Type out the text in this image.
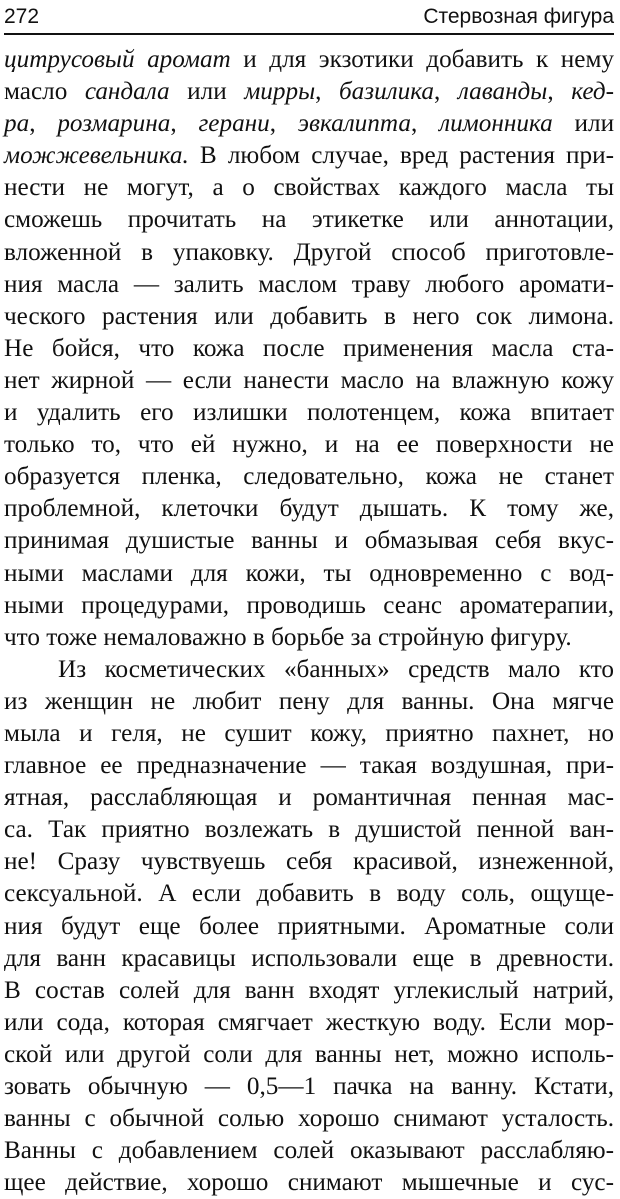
272	Стервозная фигура
цитрусовый аромат и для экзотики добавить к нему
масло сандала или мирры, базилика, лаванды, кед-
ра, розмарина, герани, эвкалипта, лимонника или
можжевельника. В любом случае, вред растения при-
нести не могут, а о свойствах каждого масла ты
сможешь прочитать на этикетке или аннотации,
вложенной в упаковку. Другой способ приготовле-
ния масла — залить маслом траву любого аромати-
ческого растения или добавить в него сок лимона.
Не бойся, что кожа после применения масла ста-
нет жирной — если нанести масло на влажную кожу
и удалить его излишки полотенцем, кожа впитает
только то, что ей нужно, и на ее поверхности не
образуется пленка, следовательно, кожа не станет
проблемной, клеточки будут дышать. К тому же,
принимая душистые ванны и обмазывая себя вкус-
ными маслами для кожи, ты одновременно с вод-
ными процедурами, проводишь сеанс ароматерапии,
что тоже немаловажно в борьбе за стройную фигуру.
Из косметических «банных» средств мало кто
из женщин не любит пену для ванны. Она мягче
мыла и геля, не сушит кожу, приятно пахнет, но
главное ее предназначение — такая воздушная, при-
ятная, расслабляющая и романтичная пенная мас-
са. Так приятно возлежать в душистой пенной ван-
не! Сразу чувствуешь себя красивой, изнеженной,
сексуальной. А если добавить в воду соль, ощуще-
ния будут еще более приятными. Ароматные соли
для ванн красавицы использовали еще в древности.
В состав солей для ванн входят углекислый натрий,
или сода, которая смягчает жесткую воду. Если мор-
ской или другой соли для ванны нет, можно исполь-
зовать обычную — 0,5—1 пачка на ванну. Кстати,
ванны с обычной солью хорошо снимают усталость.
Ванны с добавлением солей оказывают расслабляю-
щее действие, хорошо снимают мышечные и сус-
